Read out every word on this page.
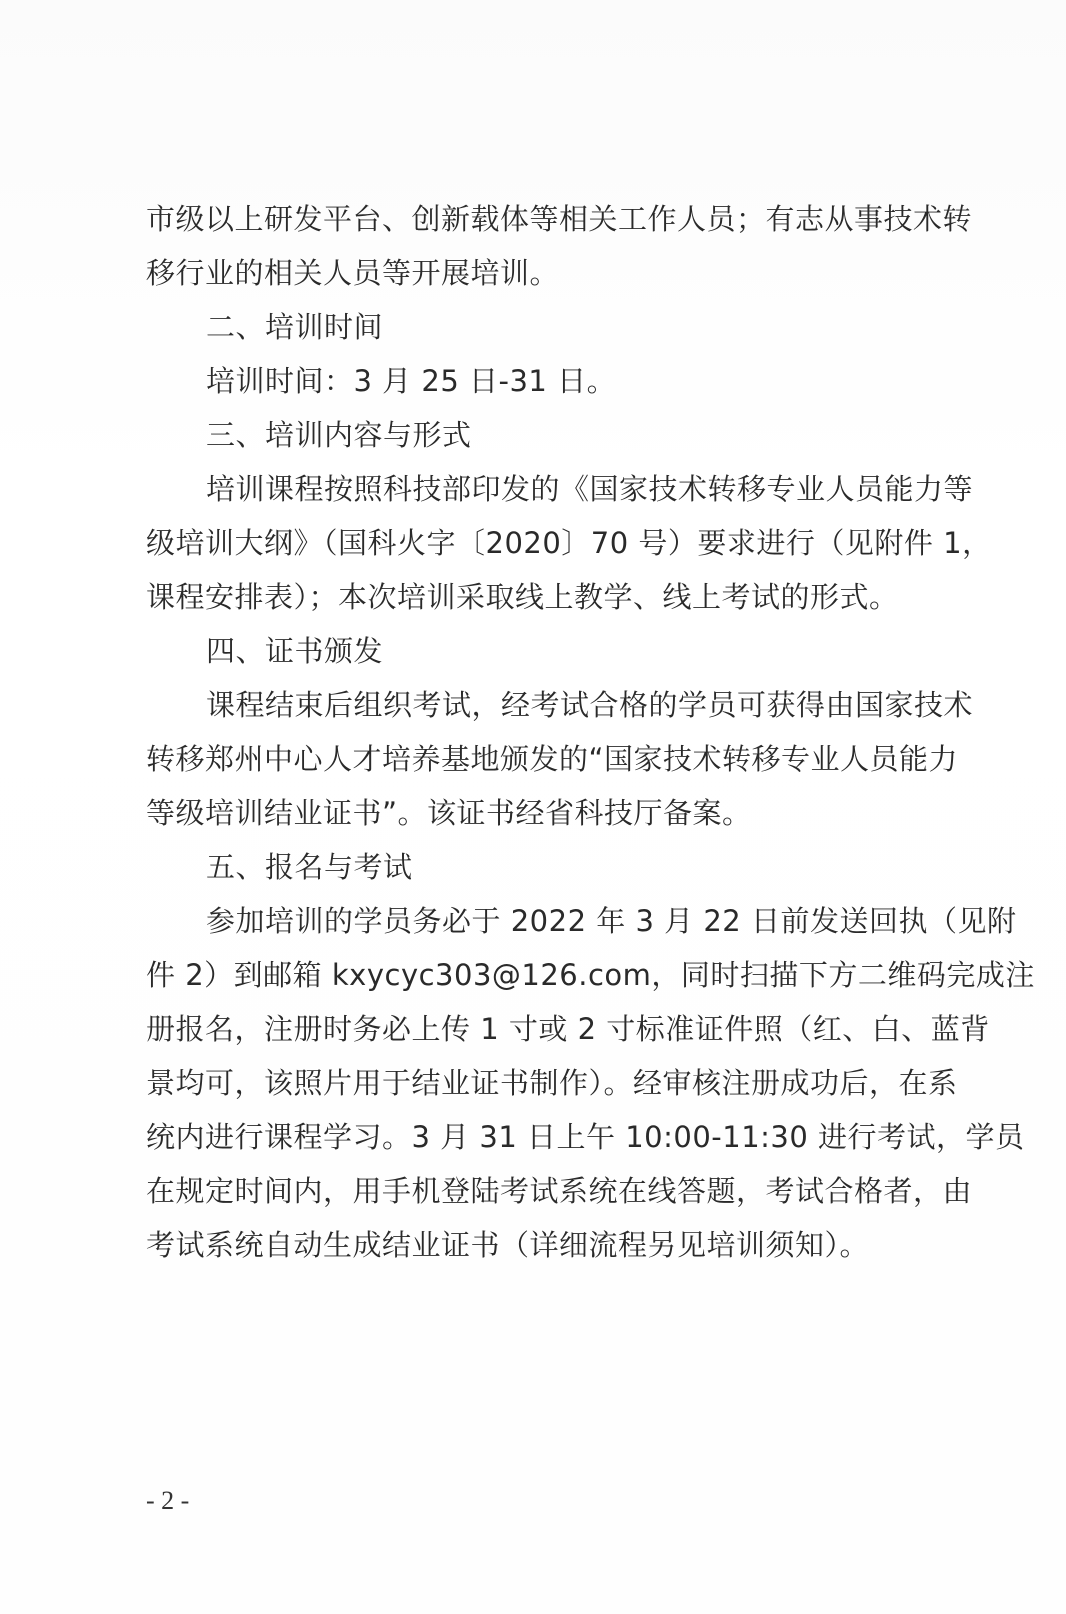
市级以上研发平台、创新载体等相关工作人员；有志从事技术转

移行业的相关人员等开展培训。

二、培训时间

培训时间：3 月 25 日-31 日。

三、培训内容与形式

培训课程按照科技部印发的《国家技术转移专业人员能力等

级培训大纲》（国科火字〔2020〕70 号）要求进行（见附件 1，

课程安排表）；本次培训采取线上教学、线上考试的形式。

四、证书颁发

课程结束后组织考试，经考试合格的学员可获得由国家技术

转移郑州中心人才培养基地颁发的“国家技术转移专业人员能力

等级培训结业证书”。该证书经省科技厅备案。

五、报名与考试

参加培训的学员务必于 2022 年 3 月 22 日前发送回执（见附

件 2）到邮箱 kxycyc303@126.com，同时扫描下方二维码完成注

册报名，注册时务必上传 1 寸或 2 寸标准证件照（红、白、蓝背

景均可，该照片用于结业证书制作）。经审核注册成功后，在系

统内进行课程学习。3 月 31 日上午 10:00-11:30 进行考试，学员

在规定时间内，用手机登陆考试系统在线答题，考试合格者，由

考试系统自动生成结业证书（详细流程另见培训须知）。

- 2 -
